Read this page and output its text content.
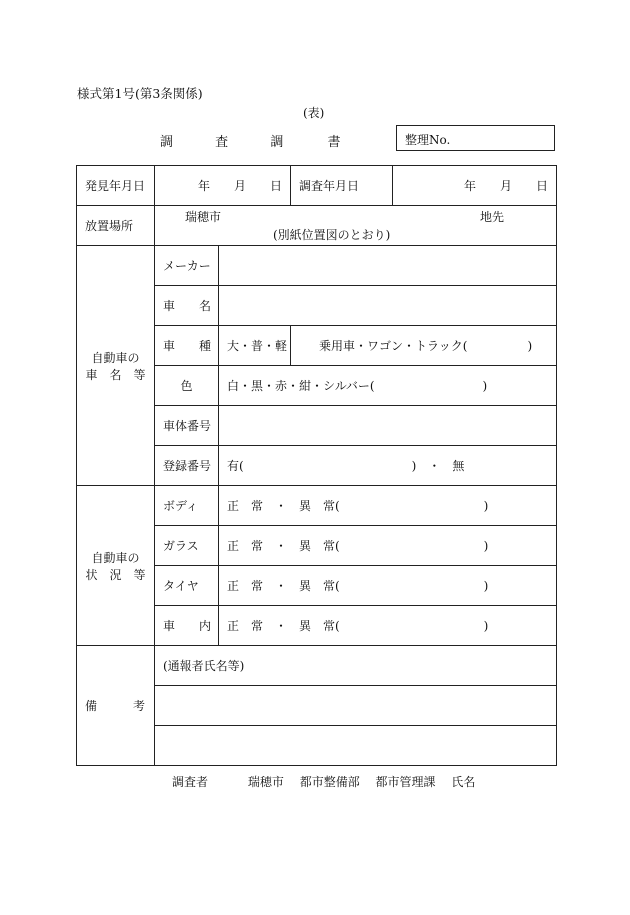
様式第1号(第3条関係)
(表)
調	査	調	書	整理No.
発見年月日	年　　月　　日		調査年月日	年　　月　　日
放置場所	瑞穂市 地先
(別紙位置図のとおり)			

自動車の
車　名　等	メーカー			
	車　　名			
	車　　種	大・普・軽	乗用車・ワゴン・トラック(　　　　　)	
	色	白・黒・赤・紺・シルバー(　　　　　　　　　)		
	車体番号			
	登録番号	有(　　　　　　　　　　　　　　)　・　無		

自動車の
状　況　等	ボディ	正　常　・　異　常(　　　　　　　　　　　　)		
	ガラス	正　常　・　異　常(　　　　　　　　　　　　)		
	タイヤ	正　常　・　異　常(　　　　　　　　　　　　)		
	車　　内	正　常　・　異　常(　　　　　　　　　　　　)		
備　　　考	(通報者氏名等)			

調査者	瑞穂市 都市整備部 都市管理課 氏名
